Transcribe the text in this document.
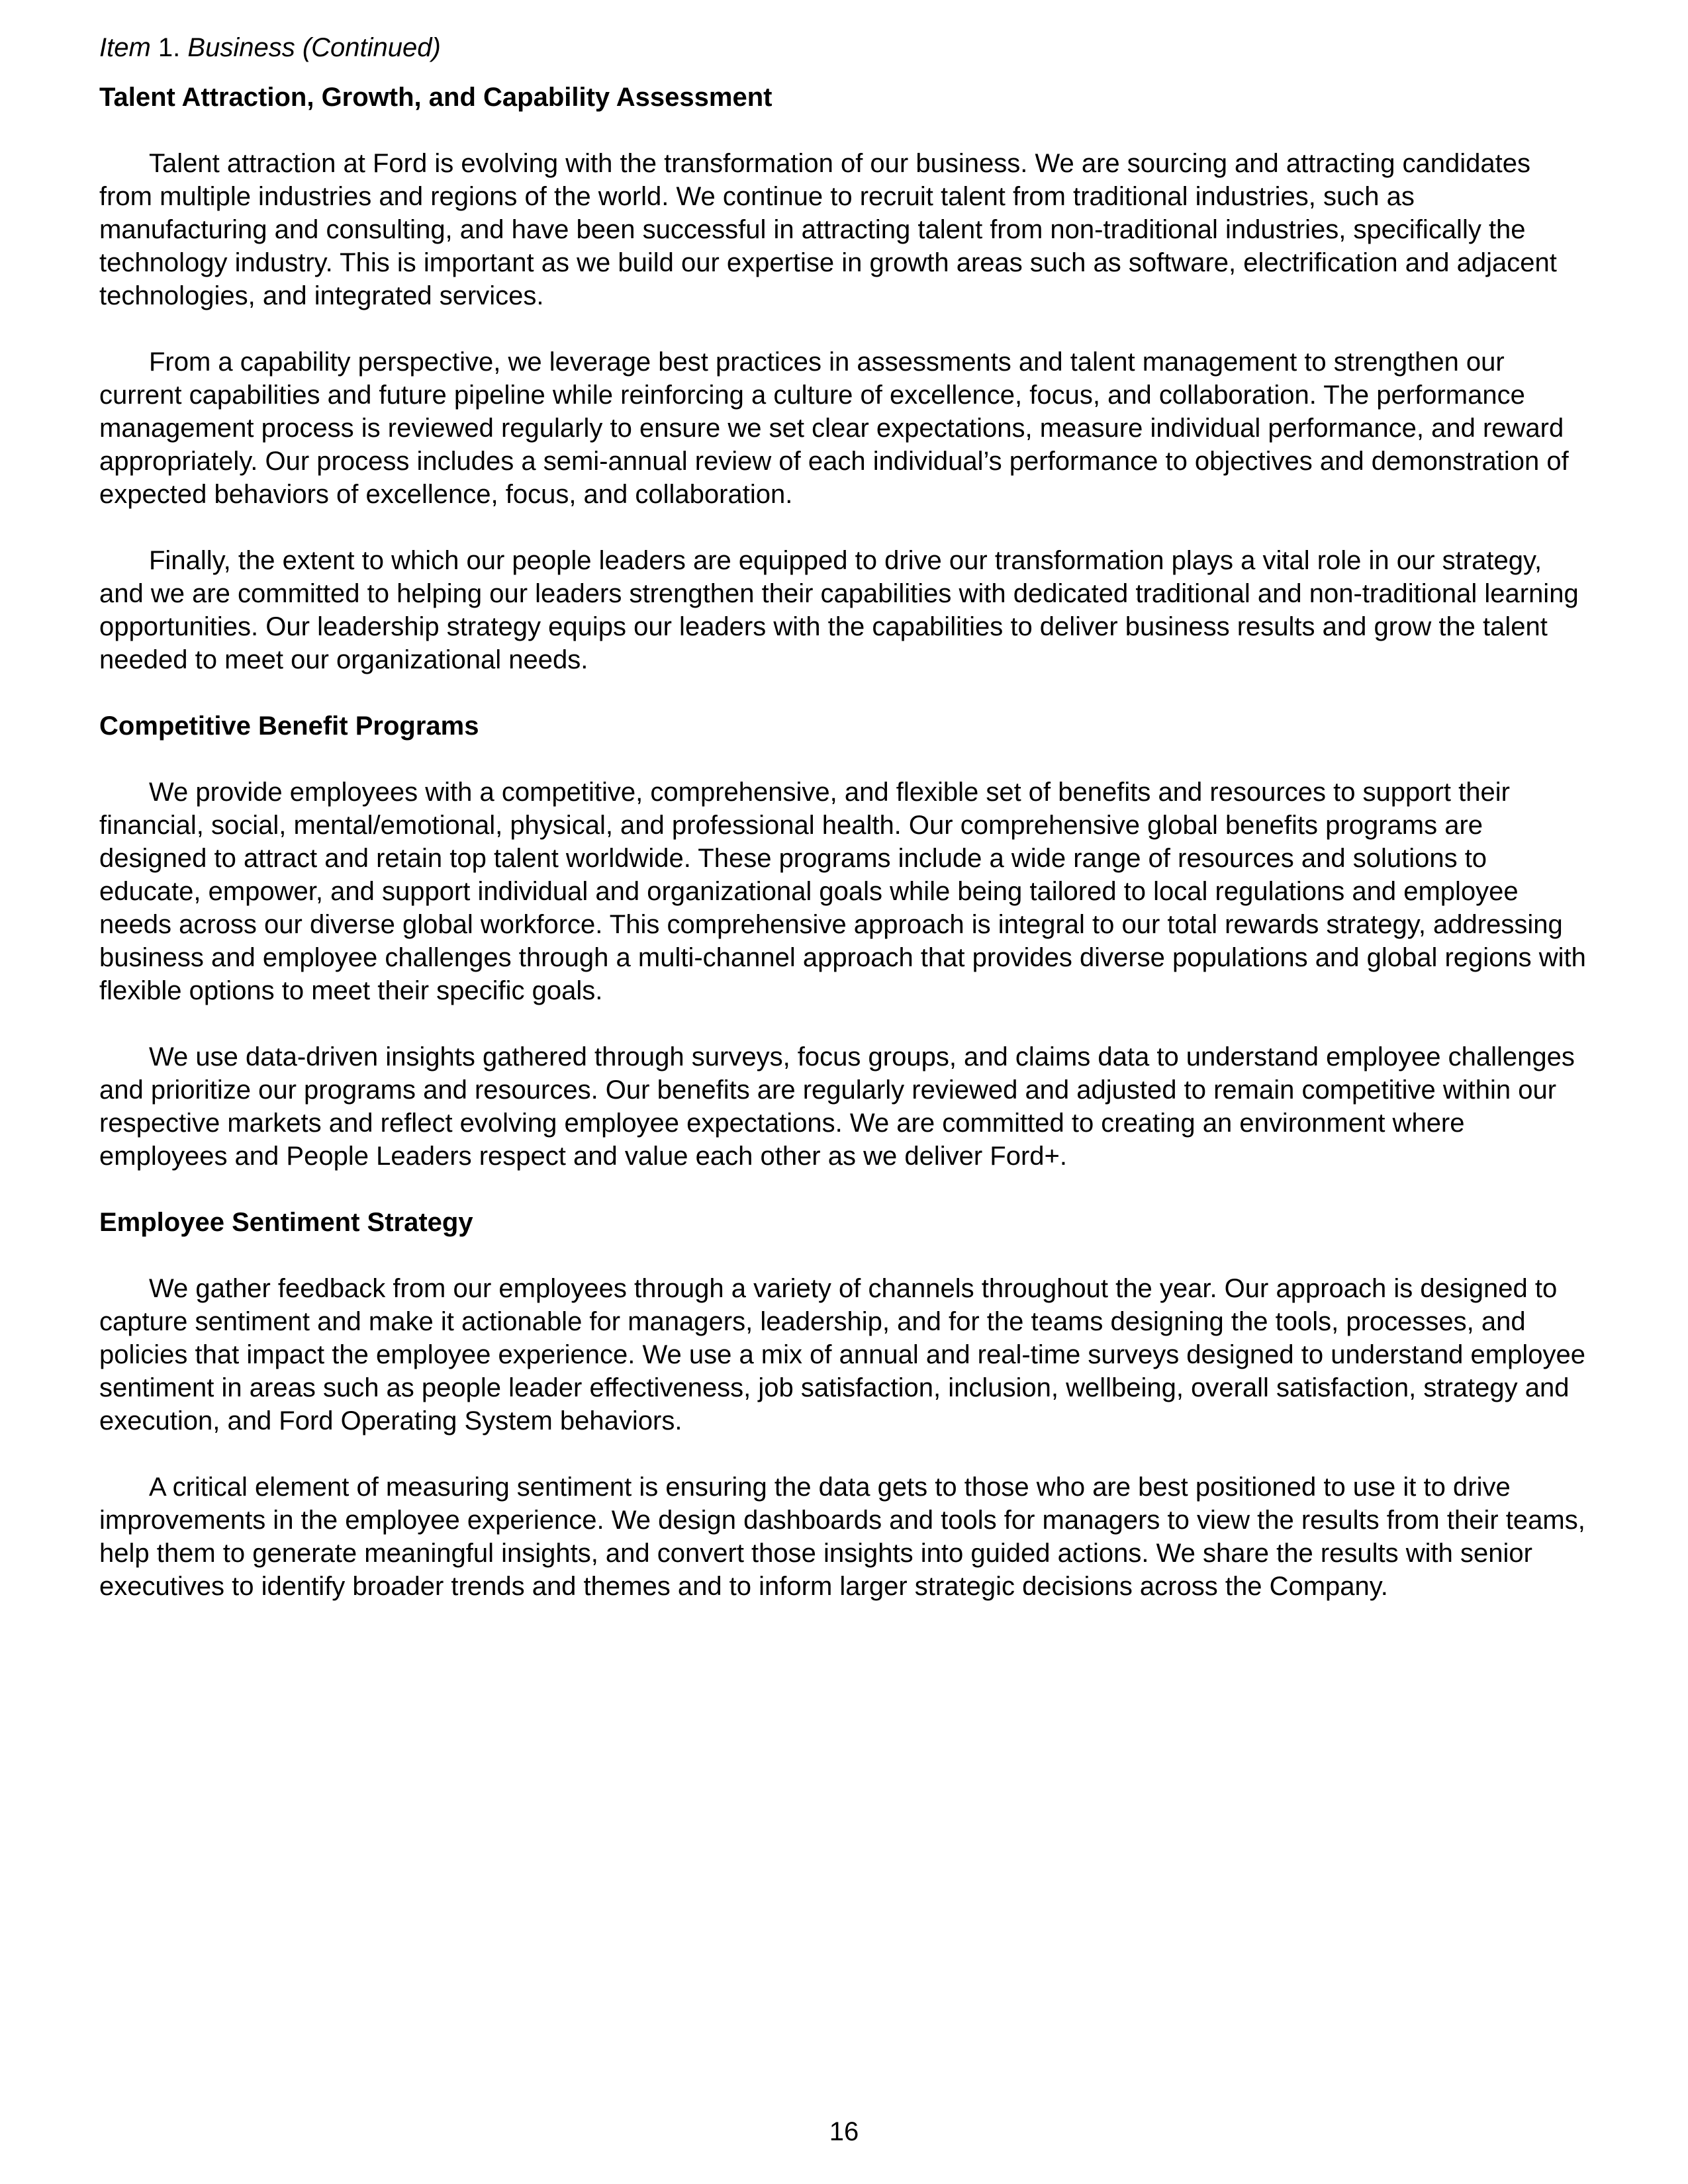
Item 1. Business (Continued)
Talent Attraction, Growth, and Capability Assessment

Talent attraction at Ford is evolving with the transformation of our business. We are sourcing and attracting candidates from multiple industries and regions of the world. We continue to recruit talent from traditional industries, such as manufacturing and consulting, and have been successful in attracting talent from non-traditional industries, specifically the technology industry. This is important as we build our expertise in growth areas such as software, electrification and adjacent technologies, and integrated services.

From a capability perspective, we leverage best practices in assessments and talent management to strengthen our current capabilities and future pipeline while reinforcing a culture of excellence, focus, and collaboration. The performance management process is reviewed regularly to ensure we set clear expectations, measure individual performance, and reward appropriately. Our process includes a semi-annual review of each individual’s performance to objectives and demonstration of expected behaviors of excellence, focus, and collaboration.

Finally, the extent to which our people leaders are equipped to drive our transformation plays a vital role in our strategy, and we are committed to helping our leaders strengthen their capabilities with dedicated traditional and non-traditional learning opportunities. Our leadership strategy equips our leaders with the capabilities to deliver business results and grow the talent needed to meet our organizational needs.

Competitive Benefit Programs

We provide employees with a competitive, comprehensive, and flexible set of benefits and resources to support their financial, social, mental/emotional, physical, and professional health. Our comprehensive global benefits programs are designed to attract and retain top talent worldwide. These programs include a wide range of resources and solutions to educate, empower, and support individual and organizational goals while being tailored to local regulations and employee needs across our diverse global workforce. This comprehensive approach is integral to our total rewards strategy, addressing business and employee challenges through a multi-channel approach that provides diverse populations and global regions with flexible options to meet their specific goals.

We use data-driven insights gathered through surveys, focus groups, and claims data to understand employee challenges and prioritize our programs and resources. Our benefits are regularly reviewed and adjusted to remain competitive within our respective markets and reflect evolving employee expectations. We are committed to creating an environment where employees and People Leaders respect and value each other as we deliver Ford+.

Employee Sentiment Strategy

We gather feedback from our employees through a variety of channels throughout the year. Our approach is designed to capture sentiment and make it actionable for managers, leadership, and for the teams designing the tools, processes, and policies that impact the employee experience. We use a mix of annual and real-time surveys designed to understand employee sentiment in areas such as people leader effectiveness, job satisfaction, inclusion, wellbeing, overall satisfaction, strategy and execution, and Ford Operating System behaviors.

A critical element of measuring sentiment is ensuring the data gets to those who are best positioned to use it to drive improvements in the employee experience. We design dashboards and tools for managers to view the results from their teams, help them to generate meaningful insights, and convert those insights into guided actions. We share the results with senior executives to identify broader trends and themes and to inform larger strategic decisions across the Company.

16
